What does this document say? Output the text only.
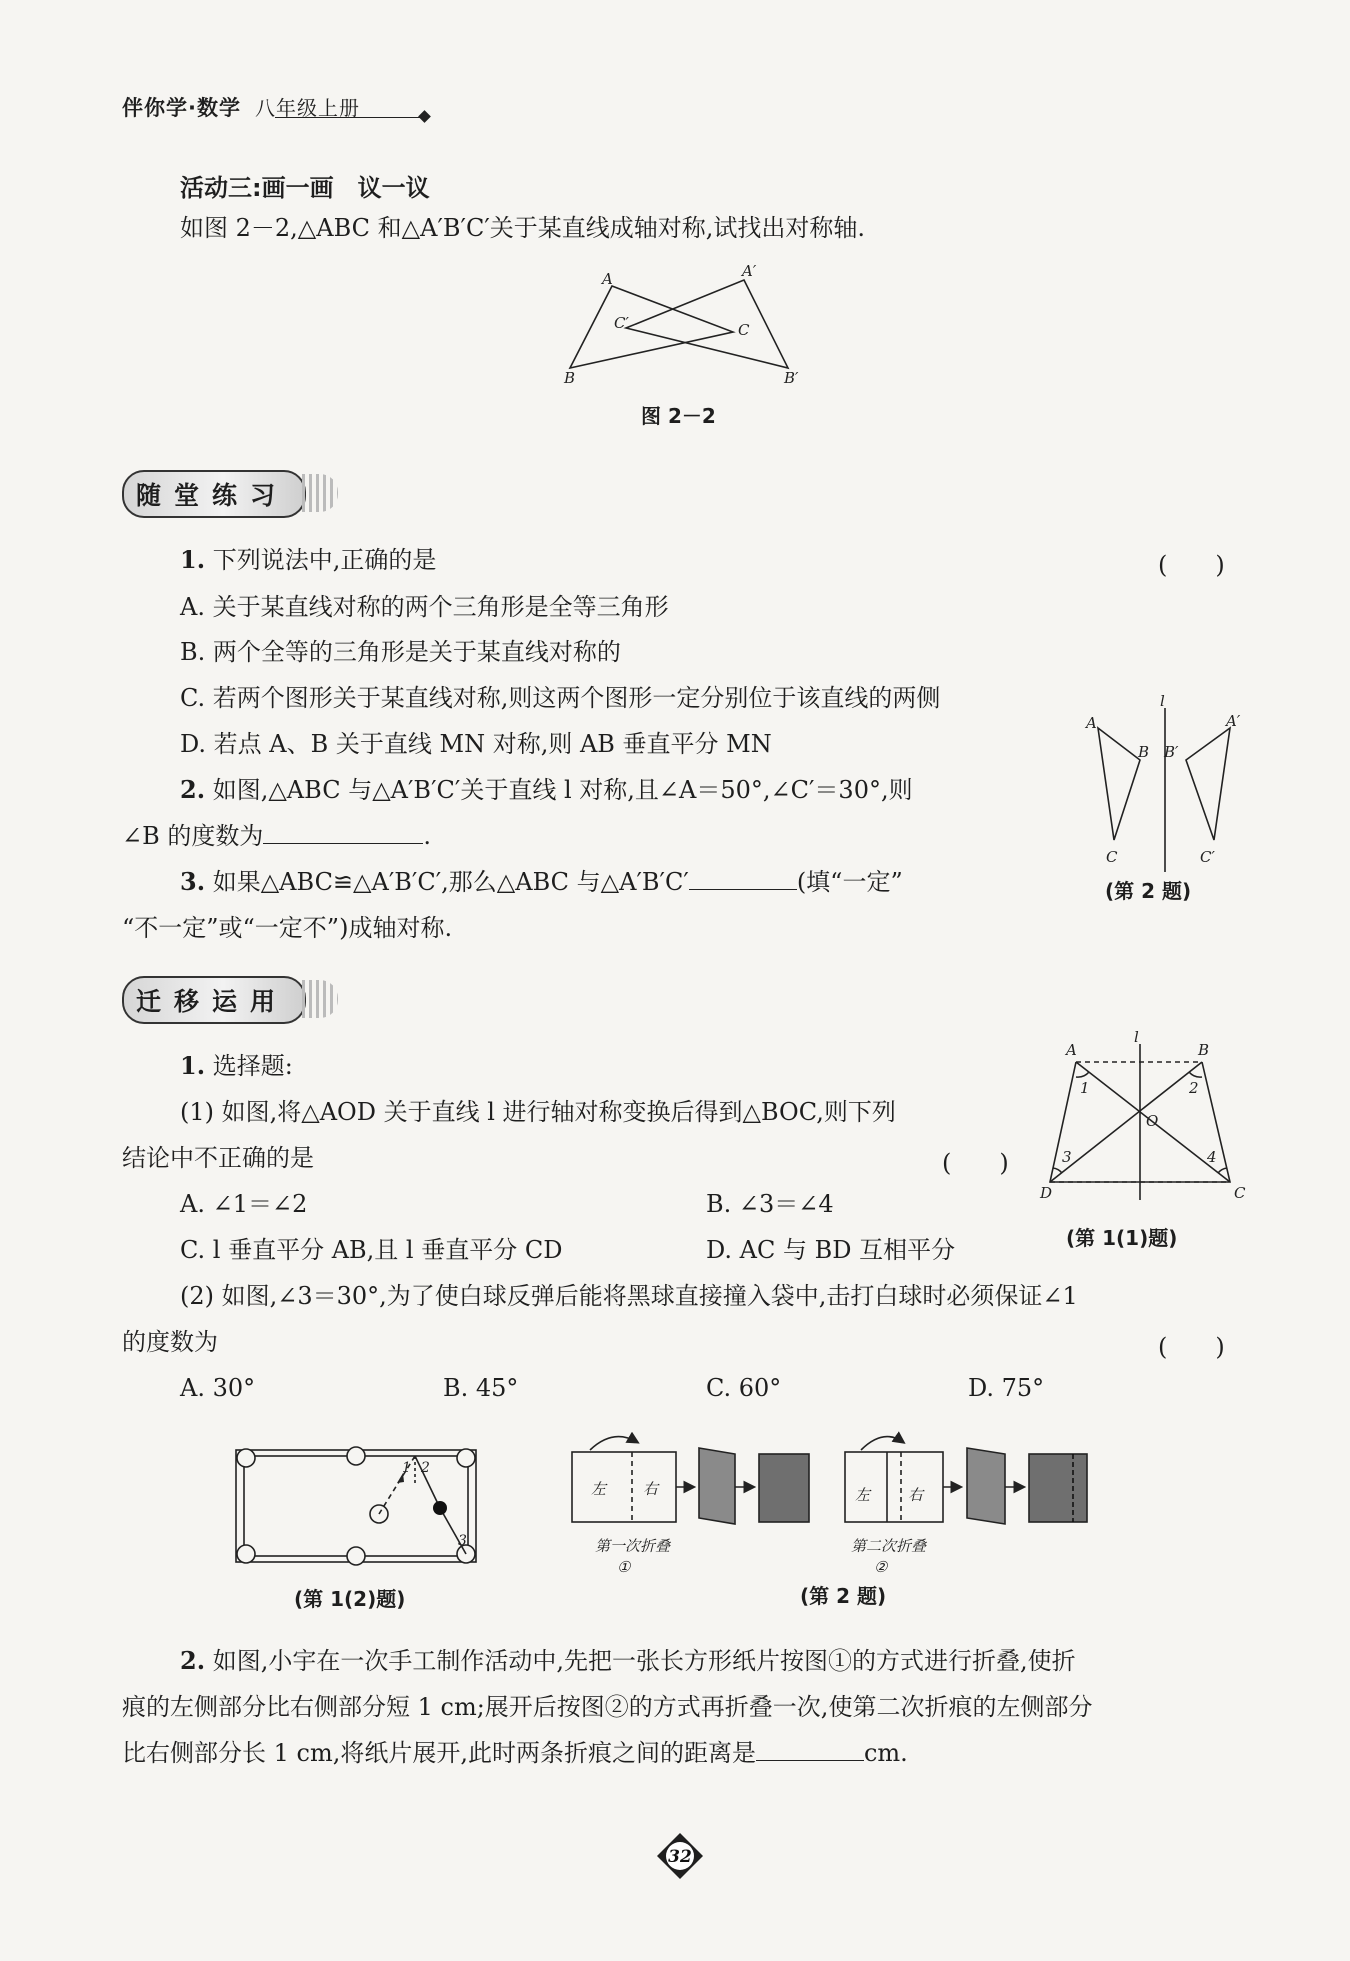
伴你学·数学 八年级上册
活动三:画一画　议一议
如图 2－2,△ABC 和△A′B′C′关于某直线成轴对称,试找出对称轴.
A	A′
C′	C
B	B′
图 2－2
随堂练习
1. 下列说法中,正确的是	(　　)
A. 关于某直线对称的两个三角形是全等三角形
B. 两个全等的三角形是关于某直线对称的
C. 若两个图形关于某直线对称,则这两个图形一定分别位于该直线的两侧
D. 若点 A、B 关于直线 MN 对称,则 AB 垂直平分 MN
2. 如图,△ABC 与△A′B′C′关于直线 l 对称,且∠A＝50°,∠C′＝30°,则
∠B 的度数为	.
3. 如果△ABC≌△A′B′C′,那么△ABC 与△A′B′C′	(填“一定”
“不一定”或“一定不”)成轴对称.
l
A
B
C
A′
B′
C′
(第 2 题)
迁移运用
1. 选择题:
(1) 如图,将△AOD 关于直线 l 进行轴对称变换后得到△BOC,则下列
结论中不正确的是	(　　)
A. ∠1＝∠2	B. ∠3＝∠4
C. l 垂直平分 AB,且 l 垂直平分 CD	D. AC 与 BD 互相平分
l
A	B
C
D
O
1	2
3	4
(第 1(1)题)
(2) 如图,∠3＝30°,为了使白球反弹后能将黑球直接撞入袋中,击打白球时必须保证∠1
的度数为	(　　)
A. 30°	B. 45°	C. 60°	D. 75°
1 2
3
(第 1(2)题)
左 右
第一次折叠
①
左	右
第二次折叠
②
(第 2 题)
2. 如图,小宇在一次手工制作活动中,先把一张长方形纸片按图①的方式进行折叠,使折
痕的左侧部分比右侧部分短 1 cm;展开后按图②的方式再折叠一次,使第二次折痕的左侧部分
比右侧部分长 1 cm,将纸片展开,此时两条折痕之间的距离是	cm.
32
